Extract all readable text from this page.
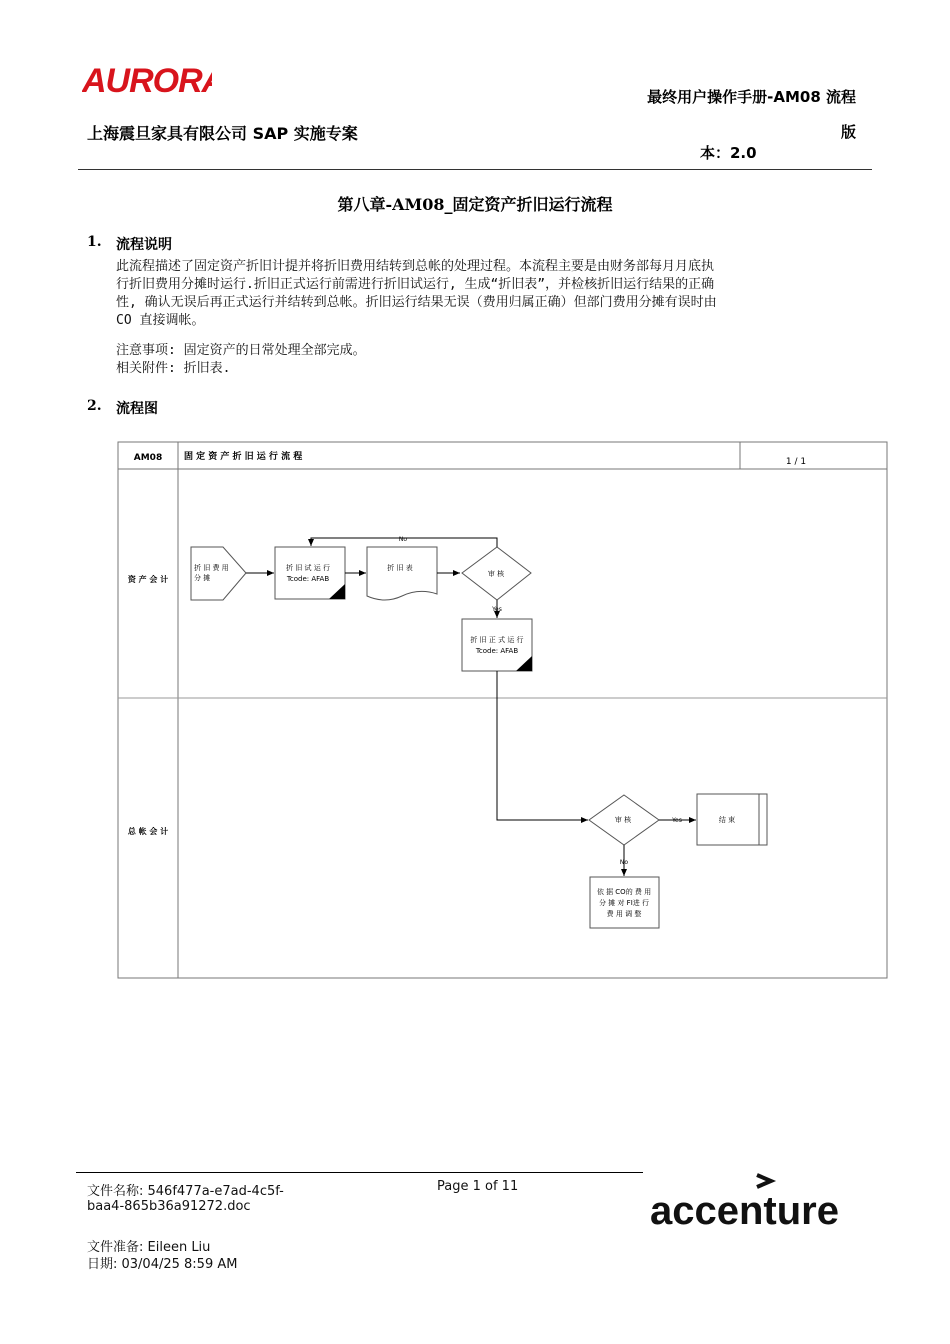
AURORA	最终用户操作手册-AM08 流程
版
本：2.0
上海震旦家具有限公司 SAP 实施专案
第八章-AM08_固定资产折旧运行流程
1. 流程说明
此流程描述了固定资产折旧计提并将折旧费用结转到总帐的处理过程。本流程主要是由财务部每月月底执
行折旧费用分摊时运行.折旧正式运行前需进行折旧试运行, 生成“折旧表”，并检核折旧运行结果的正确
性, 确认无误后再正式运行并结转到总帐。折旧运行结果无误（费用归属正确）但部门费用分摊有误时由
CO 直接调帐。
注意事项: 固定资产的日常处理全部完成。
相关附件: 折旧表.
2. 流程图
AM08 固 定 资 产 折 旧 运 行 流 程	1 / 1
资 产 会 计
总 帐 会 计
折 旧 费 用
分 摊
折 旧 试 运 行
Tcode: AFAB
折 旧 表
审 核
No
Yes
折 旧 正 式 运 行
Tcode: AFAB
审 核	Yes	结 束
No
依 据 CO的 费 用
分 摊 对 FI进 行
费 用 调 整
文件名称: 546f477a-e7ad-4c5f-
baa4-865b36a91272.doc
Page 1 of 11
文件准备: Eileen Liu
日期: 03/04/25 8:59 AM
accenture
